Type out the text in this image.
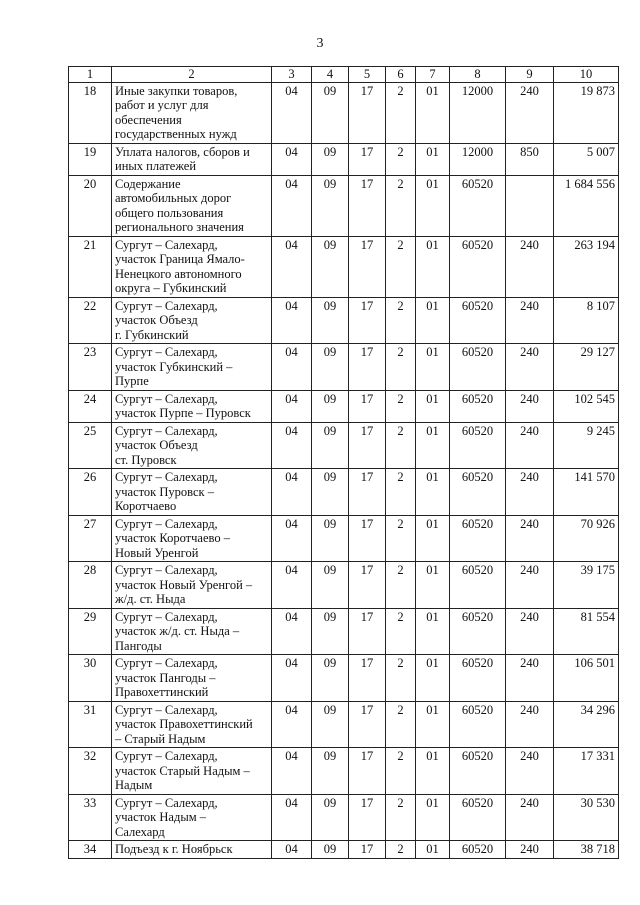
3
1	2	3	4	5	6	7	8	9	10
18	Иные закупки товаров,
работ и услуг для
обеспечения
государственных нужд	04	09	17	2	01	12000	240	19 873
19	Уплата налогов, сборов и
иных платежей	04	09	17	2	01	12000	850	5 007
20	Содержание
автомобильных дорог
общего пользования
регионального значения	04	09	17	2	01	60520		1 684 556
21	Сургут – Салехард,
участок Граница Ямало-
Ненецкого автономного
округа – Губкинский	04	09	17	2	01	60520	240	263 194
22	Сургут – Салехард,
участок Объезд
г. Губкинский	04	09	17	2	01	60520	240	8 107
23	Сургут – Салехард,
участок Губкинский –
Пурпе	04	09	17	2	01	60520	240	29 127
24	Сургут – Салехард,
участок Пурпе – Пуровск	04	09	17	2	01	60520	240	102 545
25	Сургут – Салехард,
участок Объезд
ст. Пуровск	04	09	17	2	01	60520	240	9 245
26	Сургут – Салехард,
участок Пуровск –
Коротчаево	04	09	17	2	01	60520	240	141 570
27	Сургут – Салехард,
участок Коротчаево –
Новый Уренгой	04	09	17	2	01	60520	240	70 926
28	Сургут – Салехард,
участок Новый Уренгой –
ж/д. ст. Ныда	04	09	17	2	01	60520	240	39 175
29	Сургут – Салехард,
участок ж/д. ст. Ныда –
Пангоды	04	09	17	2	01	60520	240	81 554
30	Сургут – Салехард,
участок Пангоды –
Правохеттинский	04	09	17	2	01	60520	240	106 501
31	Сургут – Салехард,
участок Правохеттинский
– Старый Надым	04	09	17	2	01	60520	240	34 296
32	Сургут – Салехард,
участок Старый Надым –
Надым	04	09	17	2	01	60520	240	17 331
33	Сургут – Салехард,
участок Надым –
Салехард	04	09	17	2	01	60520	240	30 530
34	Подъезд к г. Ноябрьск	04	09	17	2	01	60520	240	38 718
